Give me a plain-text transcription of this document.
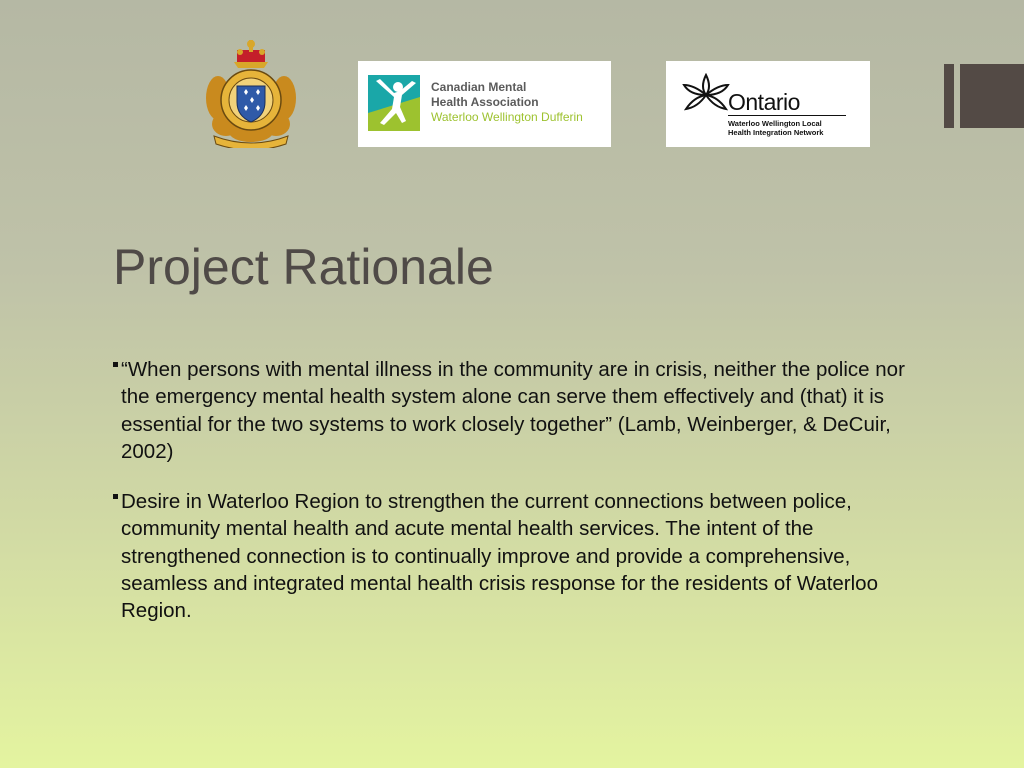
Canadian Mental
Health Association
Waterloo Wellington Dufferin
Ontario
Waterloo Wellington Local
Health Integration Network
Project Rationale
“When persons with mental illness in the community are in crisis, neither the police nor the emergency mental health system alone can serve them effectively and (that) it is essential for the two systems to work closely together” (Lamb, Weinberger, & DeCuir, 2002)
Desire in Waterloo Region to strengthen the current connections between police, community mental health and acute mental health services. The intent of the strengthened connection is to continually improve and provide a comprehensive, seamless and integrated mental health crisis response for the residents of Waterloo Region.
